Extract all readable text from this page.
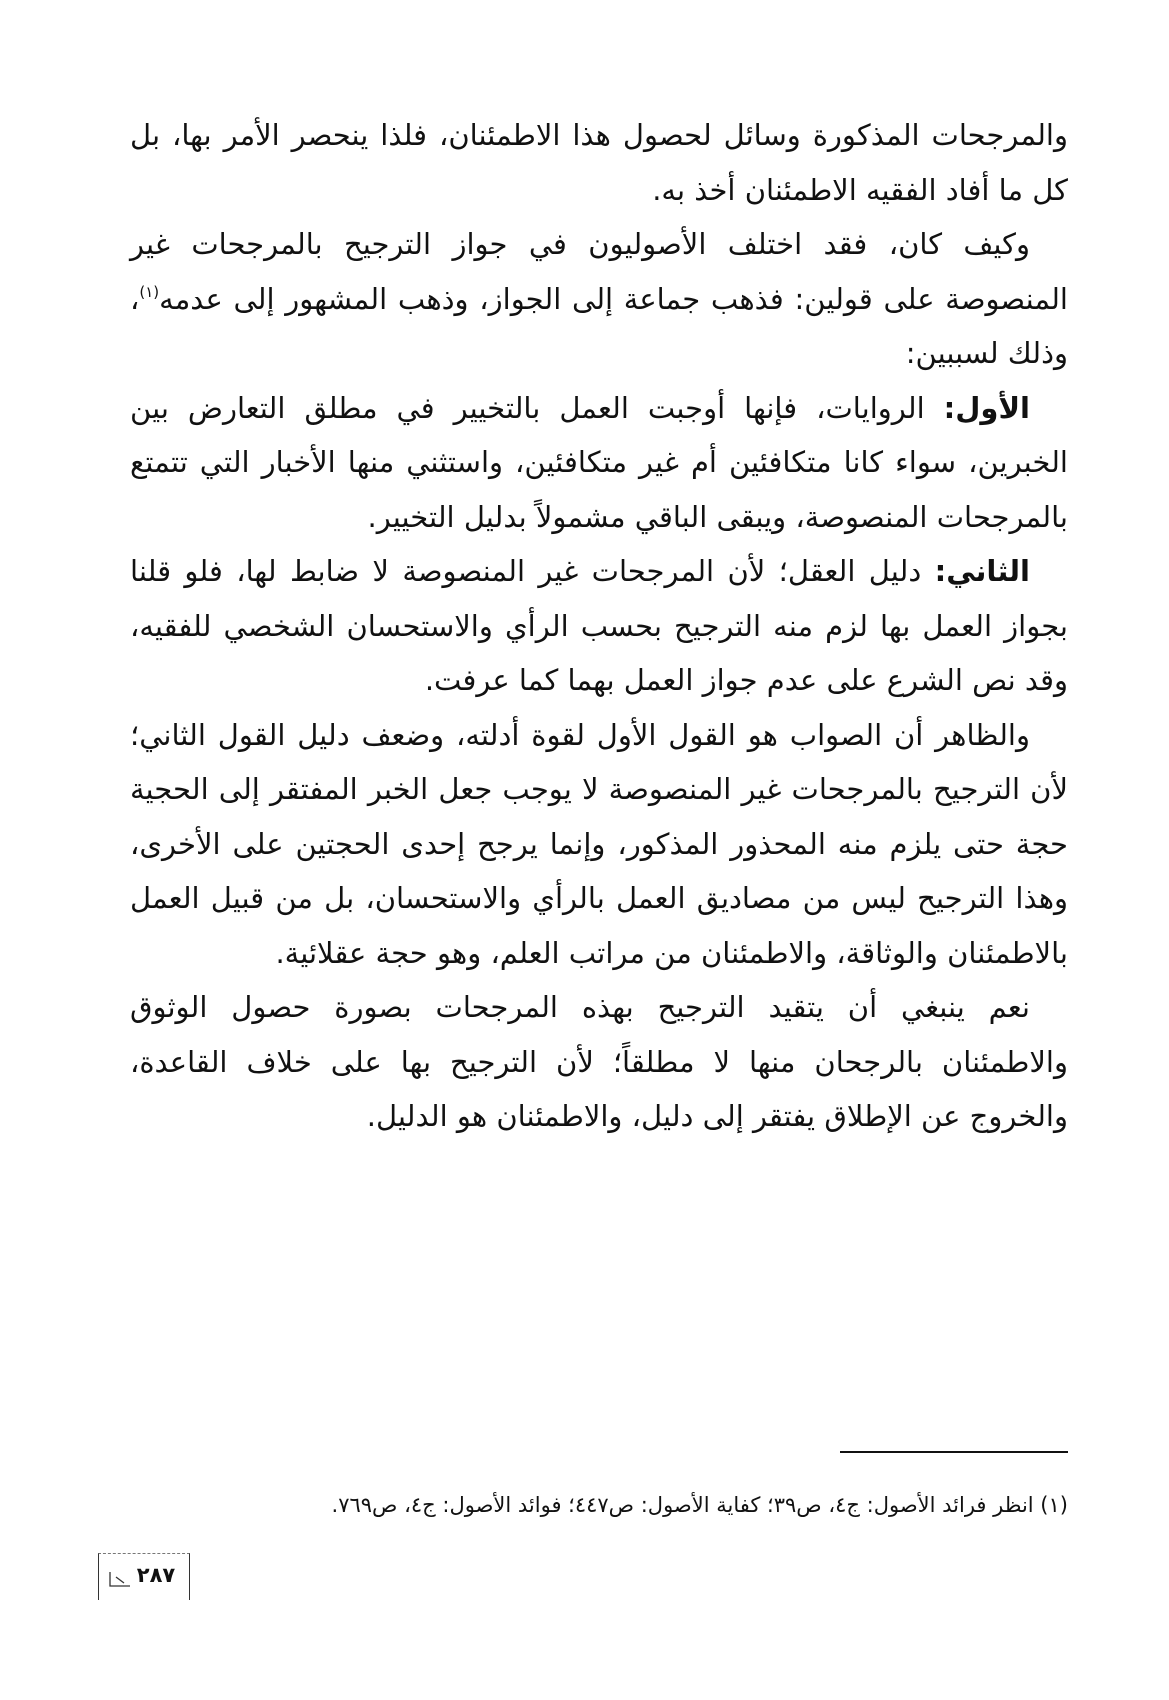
والمرجحات المذكورة وسائل لحصول هذا الاطمئنان، فلذا ينحصر الأمر بها، بل كل ما أفاد الفقيه الاطمئنان أخذ به.

وكيف كان، فقد اختلف الأصوليون في جواز الترجيح بالمرجحات غير المنصوصة على قولين: فذهب جماعة إلى الجواز، وذهب المشهور إلى عدمه$^{(١)}$، وذلك لسببين:

الأول: الروايات، فإنها أوجبت العمل بالتخيير في مطلق التعارض بين الخبرين، سواء كانا متكافئين أم غير متكافئين، واستثني منها الأخبار التي تتمتع بالمرجحات المنصوصة، ويبقى الباقي مشمولاً بدليل التخيير.

الثاني: دليل العقل؛ لأن المرجحات غير المنصوصة لا ضابط لها، فلو قلنا بجواز العمل بها لزم منه الترجيح بحسب الرأي والاستحسان الشخصي للفقيه، وقد نص الشرع على عدم جواز العمل بهما كما عرفت.

والظاهر أن الصواب هو القول الأول لقوة أدلته، وضعف دليل القول الثاني؛ لأن الترجيح بالمرجحات غير المنصوصة لا يوجب جعل الخبر المفتقر إلى الحجية حجة حتى يلزم منه المحذور المذكور، وإنما يرجح إحدى الحجتين على الأخرى، وهذا الترجيح ليس من مصاديق العمل بالرأي والاستحسان، بل من قبيل العمل بالاطمئنان والوثاقة، والاطمئنان من مراتب العلم، وهو حجة عقلائية.

نعم ينبغي أن يتقيد الترجيح بهذه المرجحات بصورة حصول الوثوق والاطمئنان بالرجحان منها لا مطلقاً؛ لأن الترجيح بها على خلاف القاعدة، والخروج عن الإطلاق يفتقر إلى دليل، والاطمئنان هو الدليل.

(١) انظر فرائد الأصول: ج٤، ص٣٩؛ كفاية الأصول: ص٤٤٧؛ فوائد الأصول: ج٤، ص٧٦٩.
٢٨٧
